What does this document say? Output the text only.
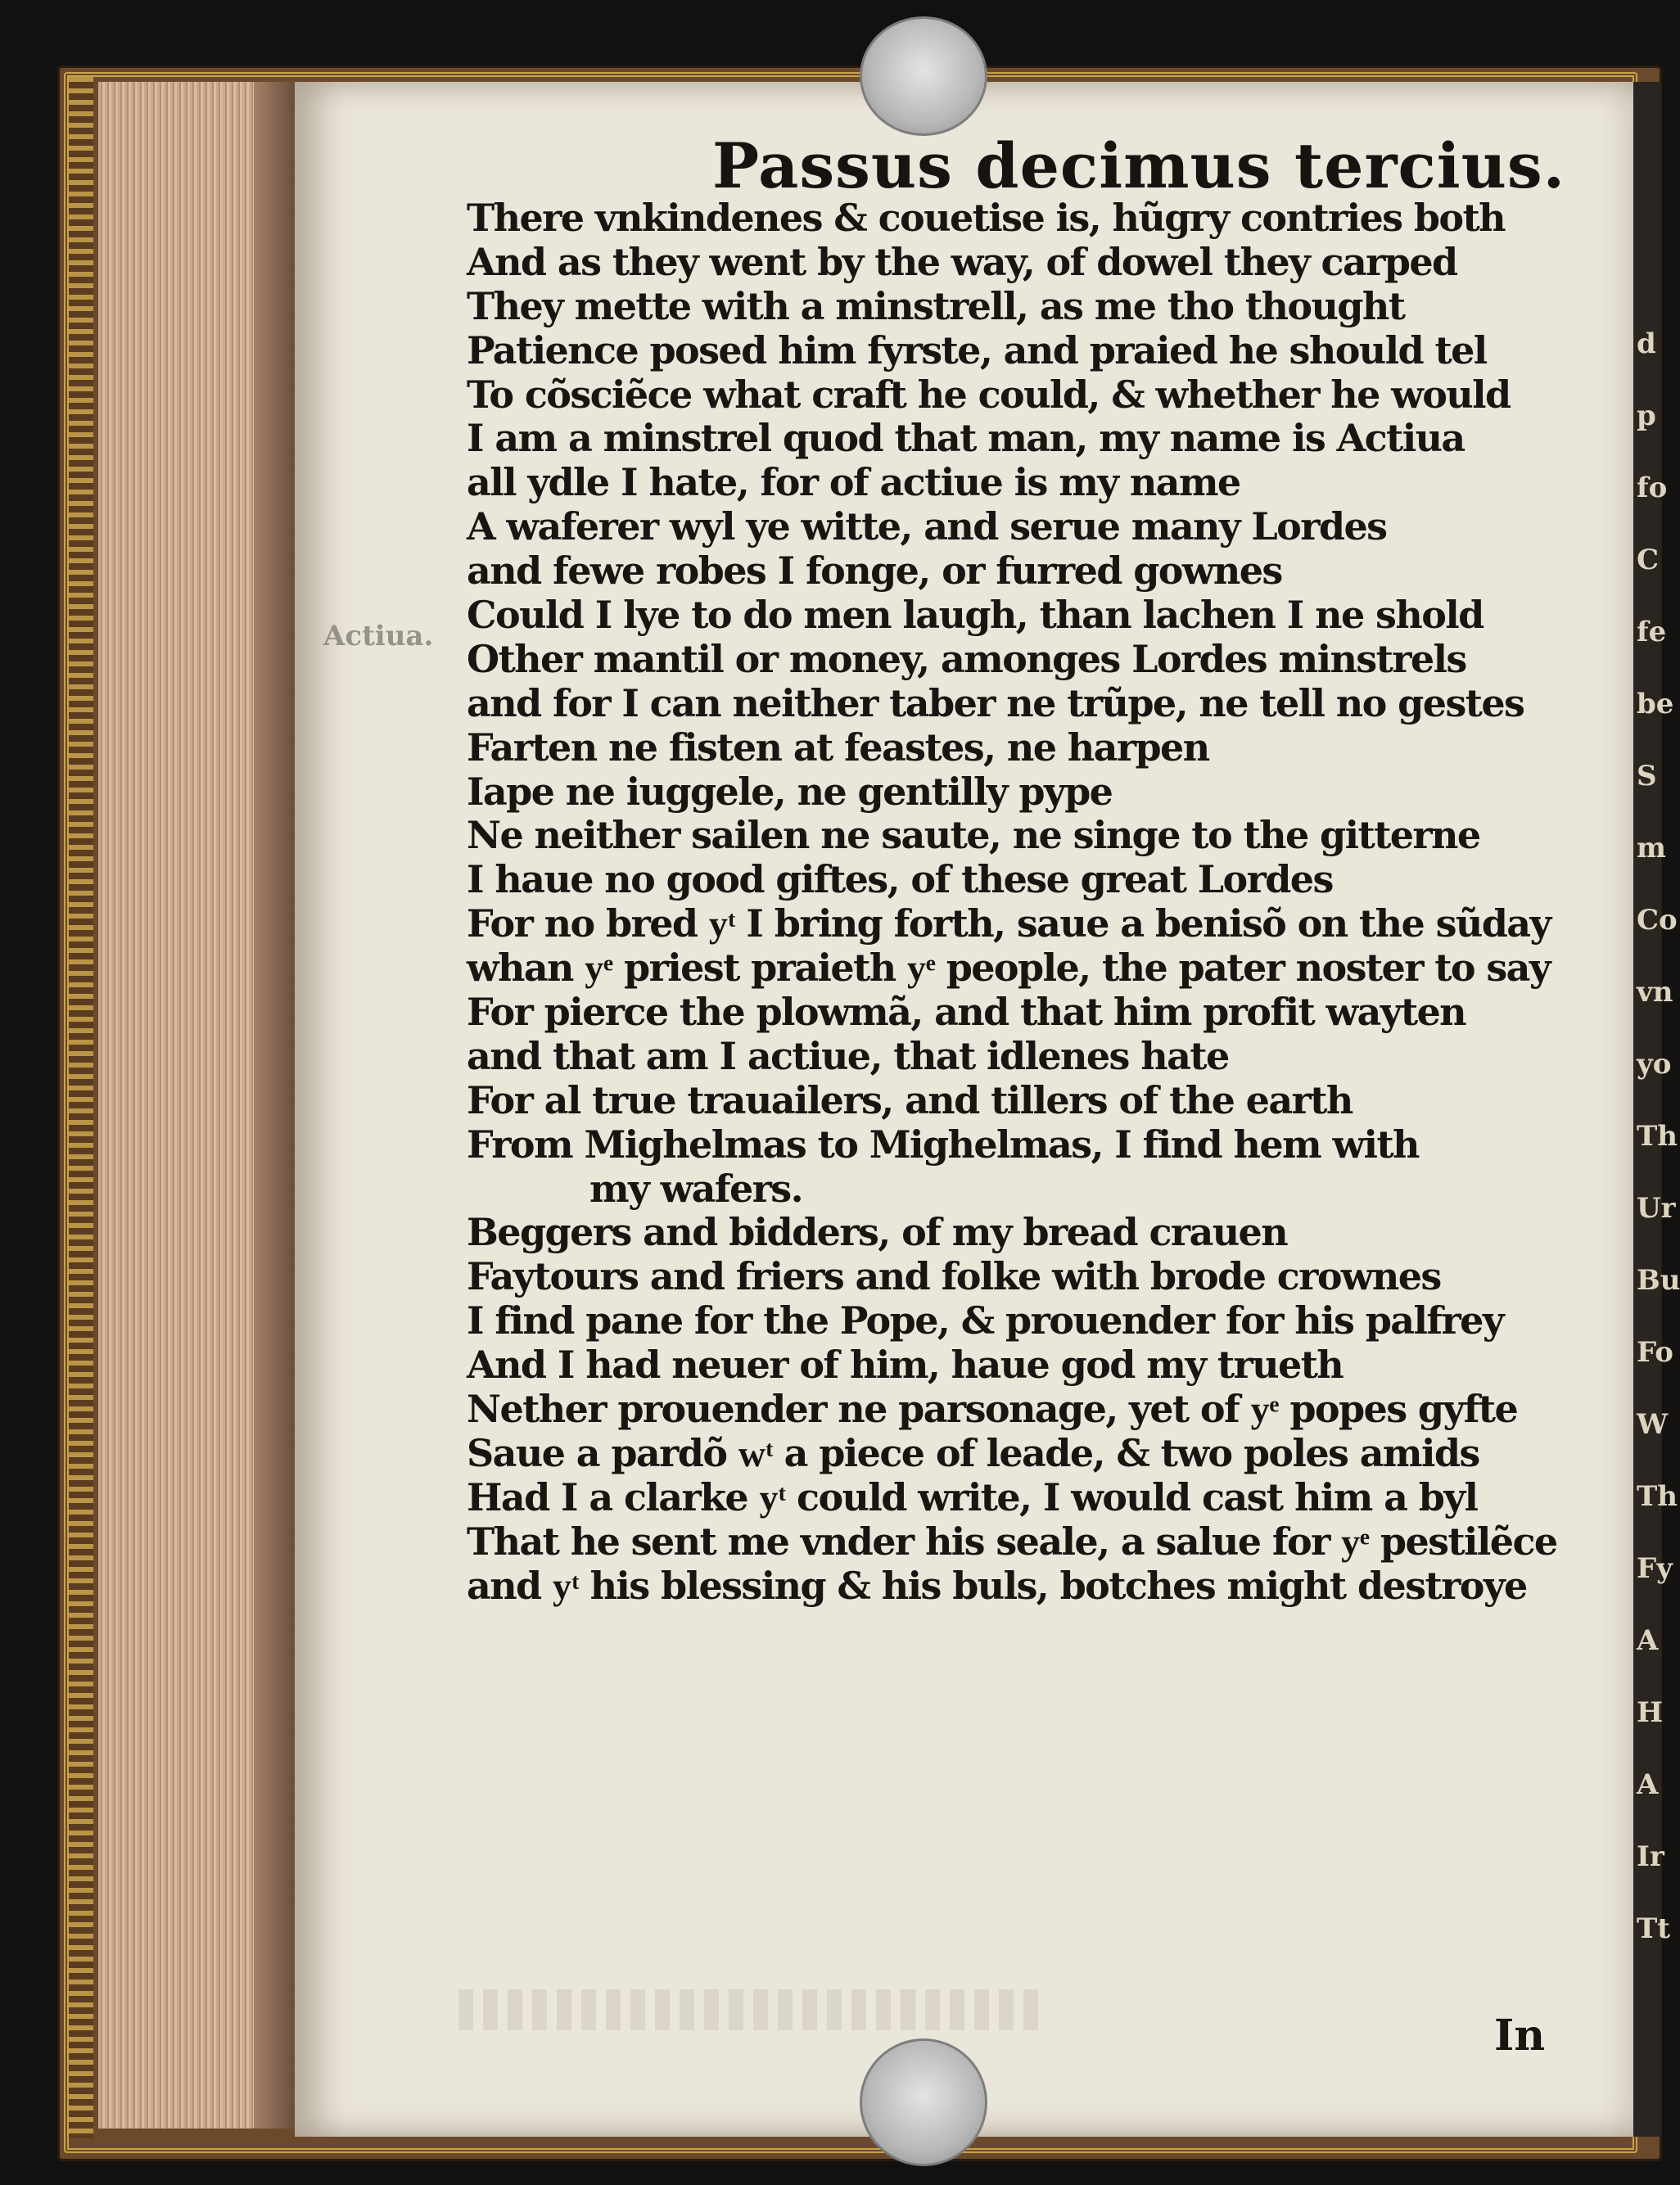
d
p
fo
C
fe
be
S
m
Co
vn
yo
Th
Ur
Bu
Fo
W
Th
Fy
A
H
A
Ir
Tt
Passus decimus tercius.
Actiua.
There vnkindenes & couetise is, hũgry contries both
And as they went by the way, of dowel they carped
They mette with a minstrell, as me tho thought
Patience posed him fyrste, and praied he should tel
To cõsciẽce what craft he could, & whether he would
I am a minstrel quod that man, my name is Actiua
all ydle I hate, for of actiue is my name
A waferer wyl ye witte, and serue many Lordes
and fewe robes I fonge, or furred gownes
Could I lye to do men laugh, than lachen I ne shold
Other mantil or money, amonges Lordes minstrels
and for I can neither taber ne trũpe, ne tell no gestes
Farten ne fisten at feastes, ne harpen
Iape ne iuggele, ne gentilly pype
Ne neither sailen ne saute, ne singe to the gitterne
I haue no good giftes, of these great Lordes
For no bred yͭ I bring forth, saue a benisõ on the sũday
whan yͤ priest praieth yͤ people, the pater noster to say
For pierce the plowmã, and that him profit wayten
and that am I actiue, that idlenes hate
For al true trauailers, and tillers of the earth
From Mighelmas to Mighelmas, I find hem with
my wafers.
Beggers and bidders, of my bread crauen
Faytours and friers and folke with brode crownes
I find pane for the Pope, & prouender for his palfrey
And I had neuer of him, haue god my trueth
Nether prouender ne parsonage, yet of yͤ popes gyfte
Saue a pardõ wͭ a piece of leade, & two poles amids
Had I a clarke yͭ could write, I would cast him a byl
That he sent me vnder his seale, a salue for yͤ pestilẽce
and yͭ his blessing & his buls, botches might destroye
In
